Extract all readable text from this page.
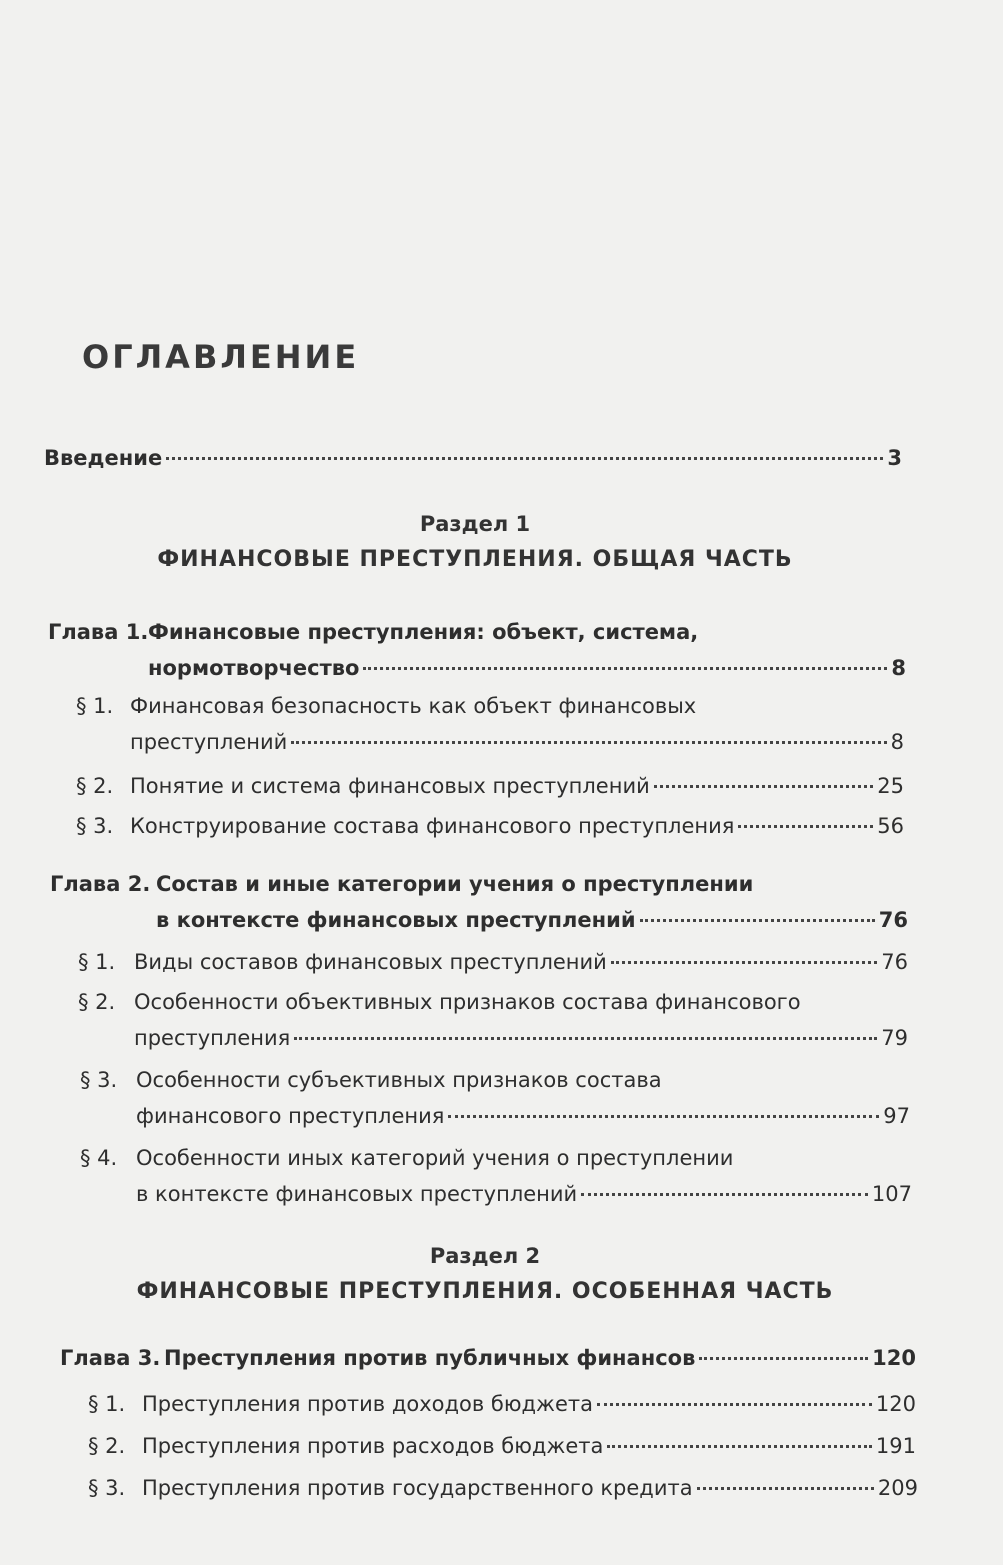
ОГЛАВЛЕНИЕ
Введение	3
Раздел 1
ФИНАНСОВЫЕ ПРЕСТУПЛЕНИЯ. ОБЩАЯ ЧАСТЬ
Глава 1. Финансовые преступления: объект, система,
нормотворчество	8
§ 1. Финансовая безопасность как объект финансовых
преступлений	8
§ 2. Понятие и система финансовых преступлений	25
§ 3. Конструирование состава финансового преступления	56
Глава 2. Состав и иные категории учения о преступлении
в контексте финансовых преступлений	76
§ 1. Виды составов финансовых преступлений	76
§ 2. Особенности объективных признаков состава финансового
преступления	79
§ 3. Особенности субъективных признаков состава
финансового преступления	97
§ 4. Особенности иных категорий учения о преступлении
в контексте финансовых преступлений	107
Раздел 2
ФИНАНСОВЫЕ ПРЕСТУПЛЕНИЯ. ОСОБЕННАЯ ЧАСТЬ
Глава 3. Преступления против публичных финансов	120
§ 1. Преступления против доходов бюджета	120
§ 2. Преступления против расходов бюджета	191
§ 3. Преступления против государственного кредита	209
